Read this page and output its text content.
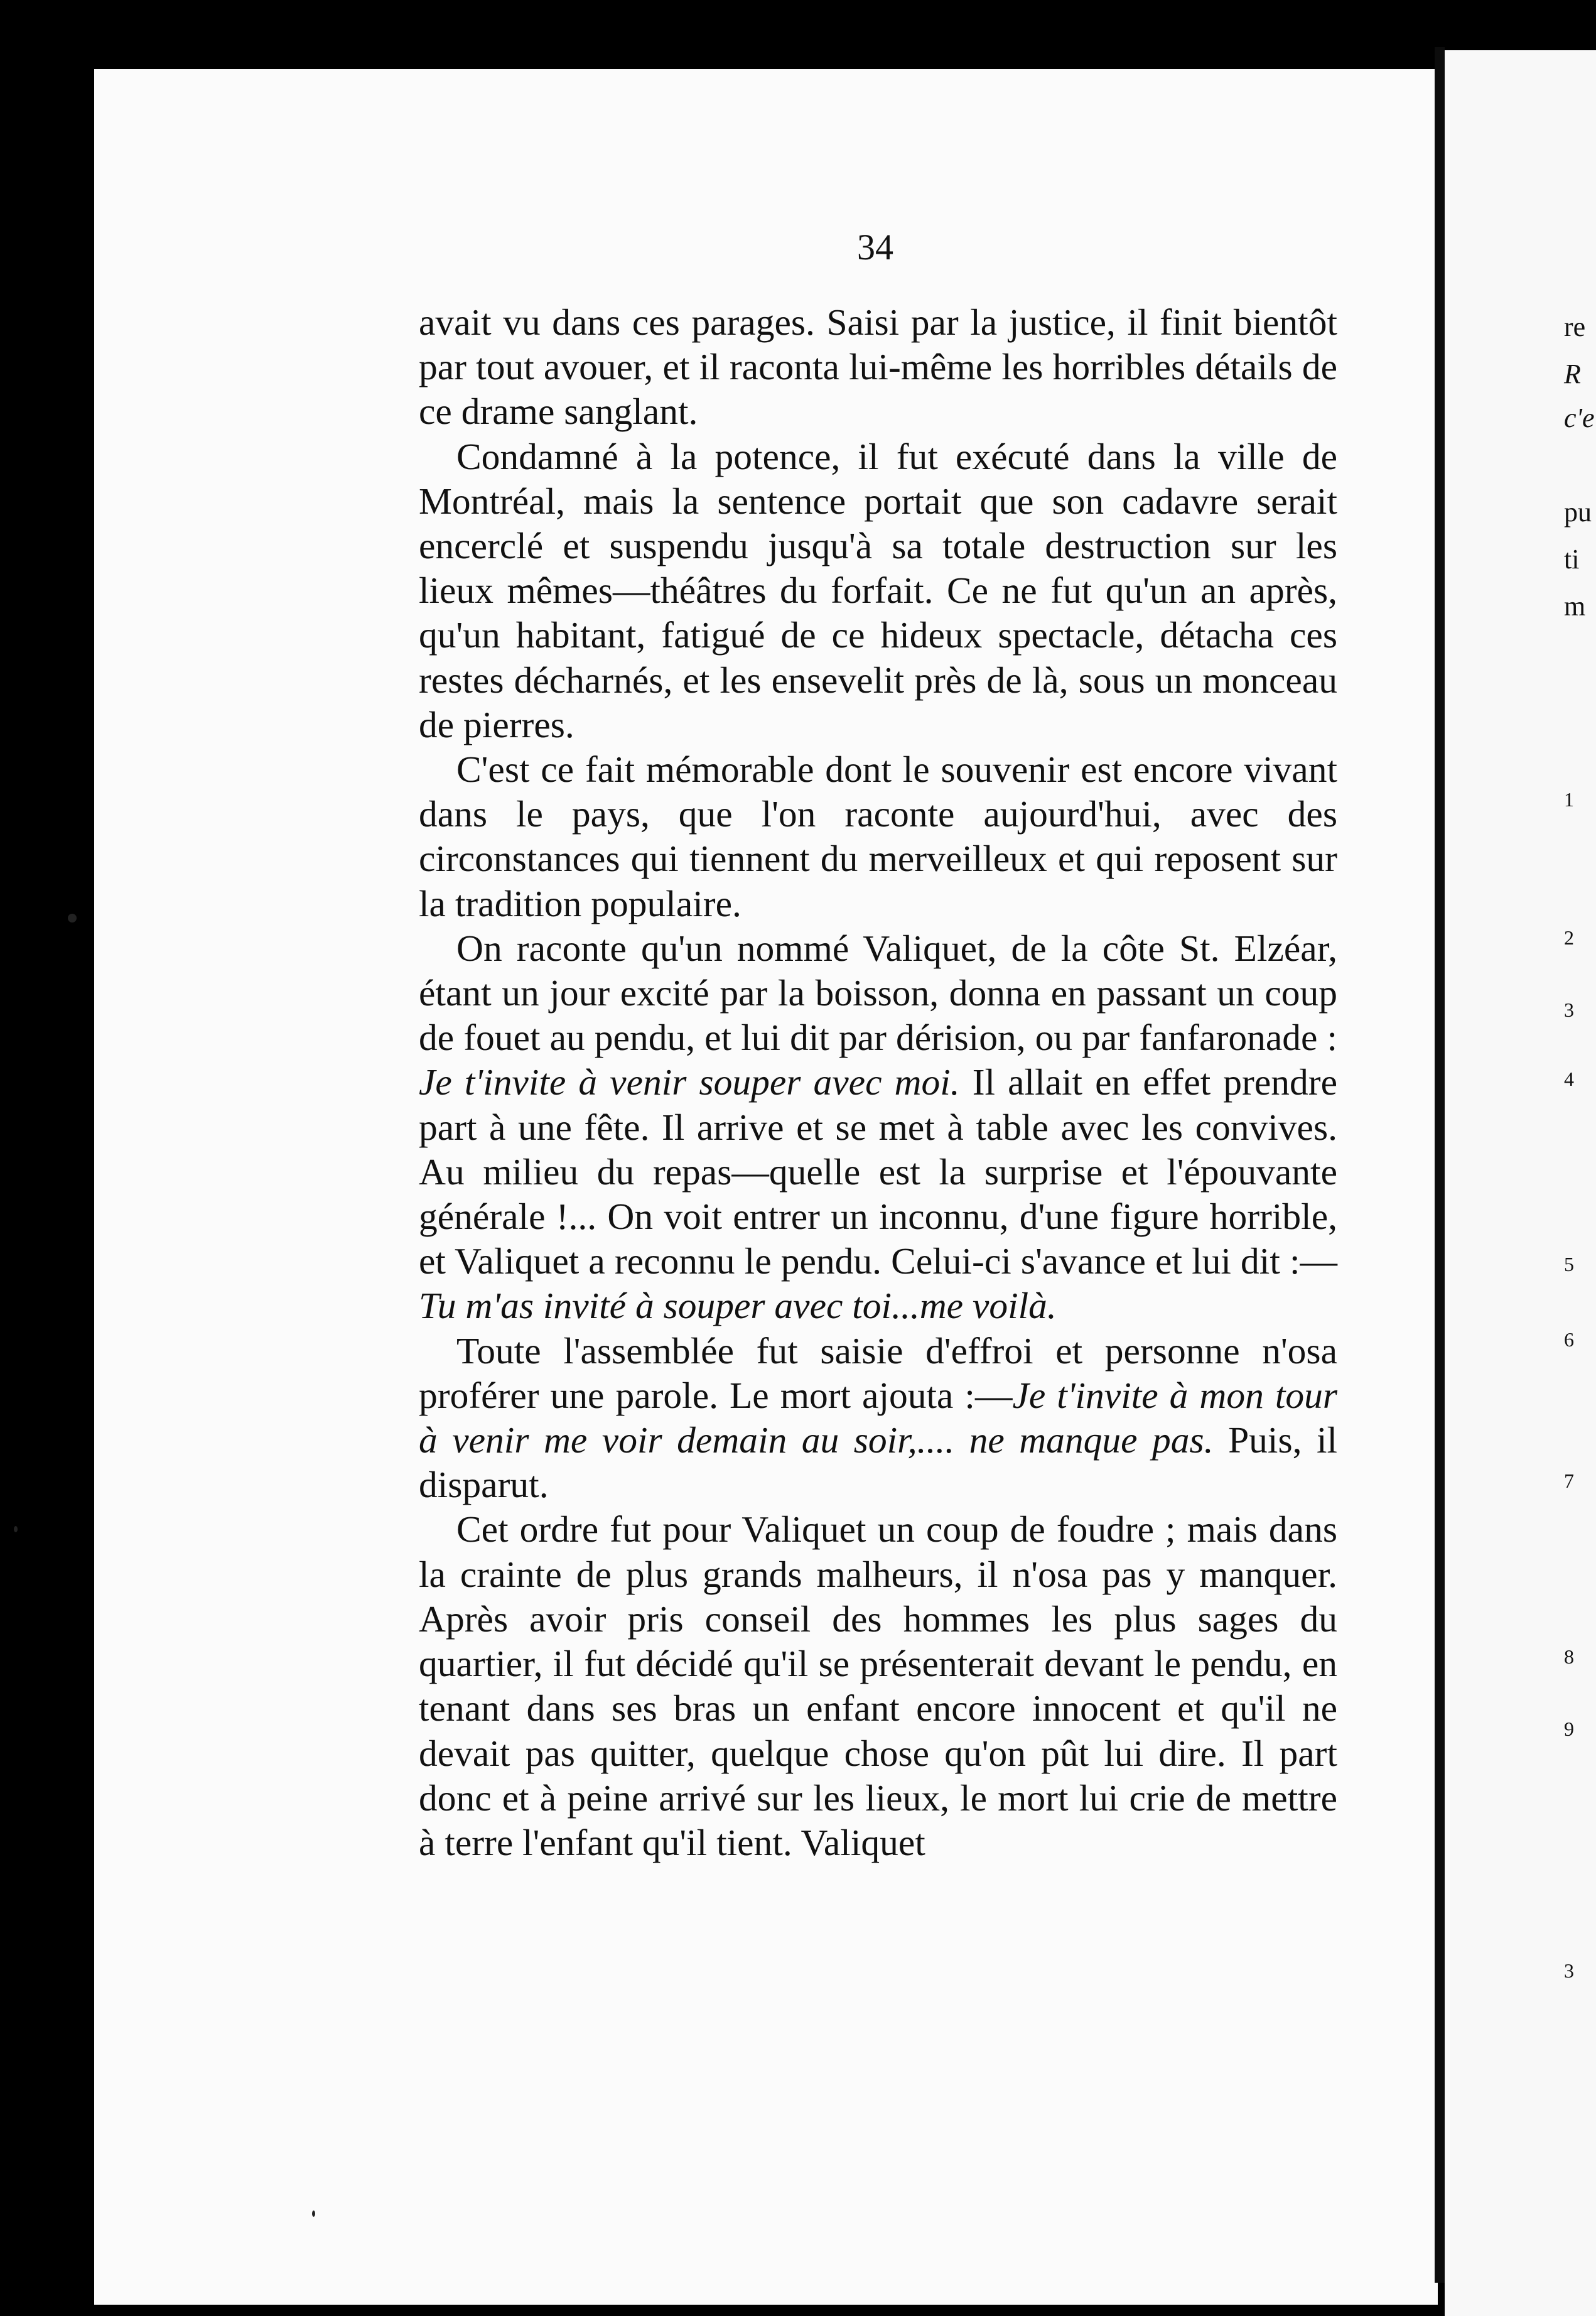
re
R
c'e
pu
ti
m
1
2
3
4
5
6
7
8
9
3
34

avait vu dans ces parages. Saisi par la justice, il finit bientôt par tout avouer, et il raconta lui-même les horribles détails de ce drame sanglant.

Condamné à la potence, il fut exécuté dans la ville de Montréal, mais la sentence portait que son cadavre serait encerclé et suspendu jusqu'à sa totale destruction sur les lieux mêmes—théâtres du forfait. Ce ne fut qu'un an après, qu'un habitant, fatigué de ce hideux spectacle, détacha ces restes décharnés, et les ensevelit près de là, sous un monceau de pierres.

C'est ce fait mémorable dont le souvenir est encore vivant dans le pays, que l'on raconte aujourd'hui, avec des circonstances qui tiennent du merveilleux et qui reposent sur la tradition populaire.

On raconte qu'un nommé Valiquet, de la côte St. Elzéar, étant un jour excité par la boisson, donna en passant un coup de fouet au pendu, et lui dit par dérision, ou par fanfaronade : Je t'invite à venir souper avec moi. Il allait en effet prendre part à une fête. Il arrive et se met à table avec les convives. Au milieu du repas—quelle est la surprise et l'épouvante générale !... On voit entrer un inconnu, d'une figure horrible, et Valiquet a reconnu le pendu. Celui-ci s'avance et lui dit :—Tu m'as invité à souper avec toi...me voilà.

Toute l'assemblée fut saisie d'effroi et personne n'osa proférer une parole. Le mort ajouta :—Je t'invite à mon tour à venir me voir demain au soir,.... ne manque pas. Puis, il disparut.

Cet ordre fut pour Valiquet un coup de foudre ; mais dans la crainte de plus grands malheurs, il n'osa pas y manquer. Après avoir pris conseil des hommes les plus sages du quartier, il fut décidé qu'il se présenterait devant le pendu, en tenant dans ses bras un enfant encore innocent et qu'il ne devait pas quitter, quelque chose qu'on pût lui dire. Il part donc et à peine arrivé sur les lieux, le mort lui crie de mettre à terre l'enfant qu'il tient. Valiquet
